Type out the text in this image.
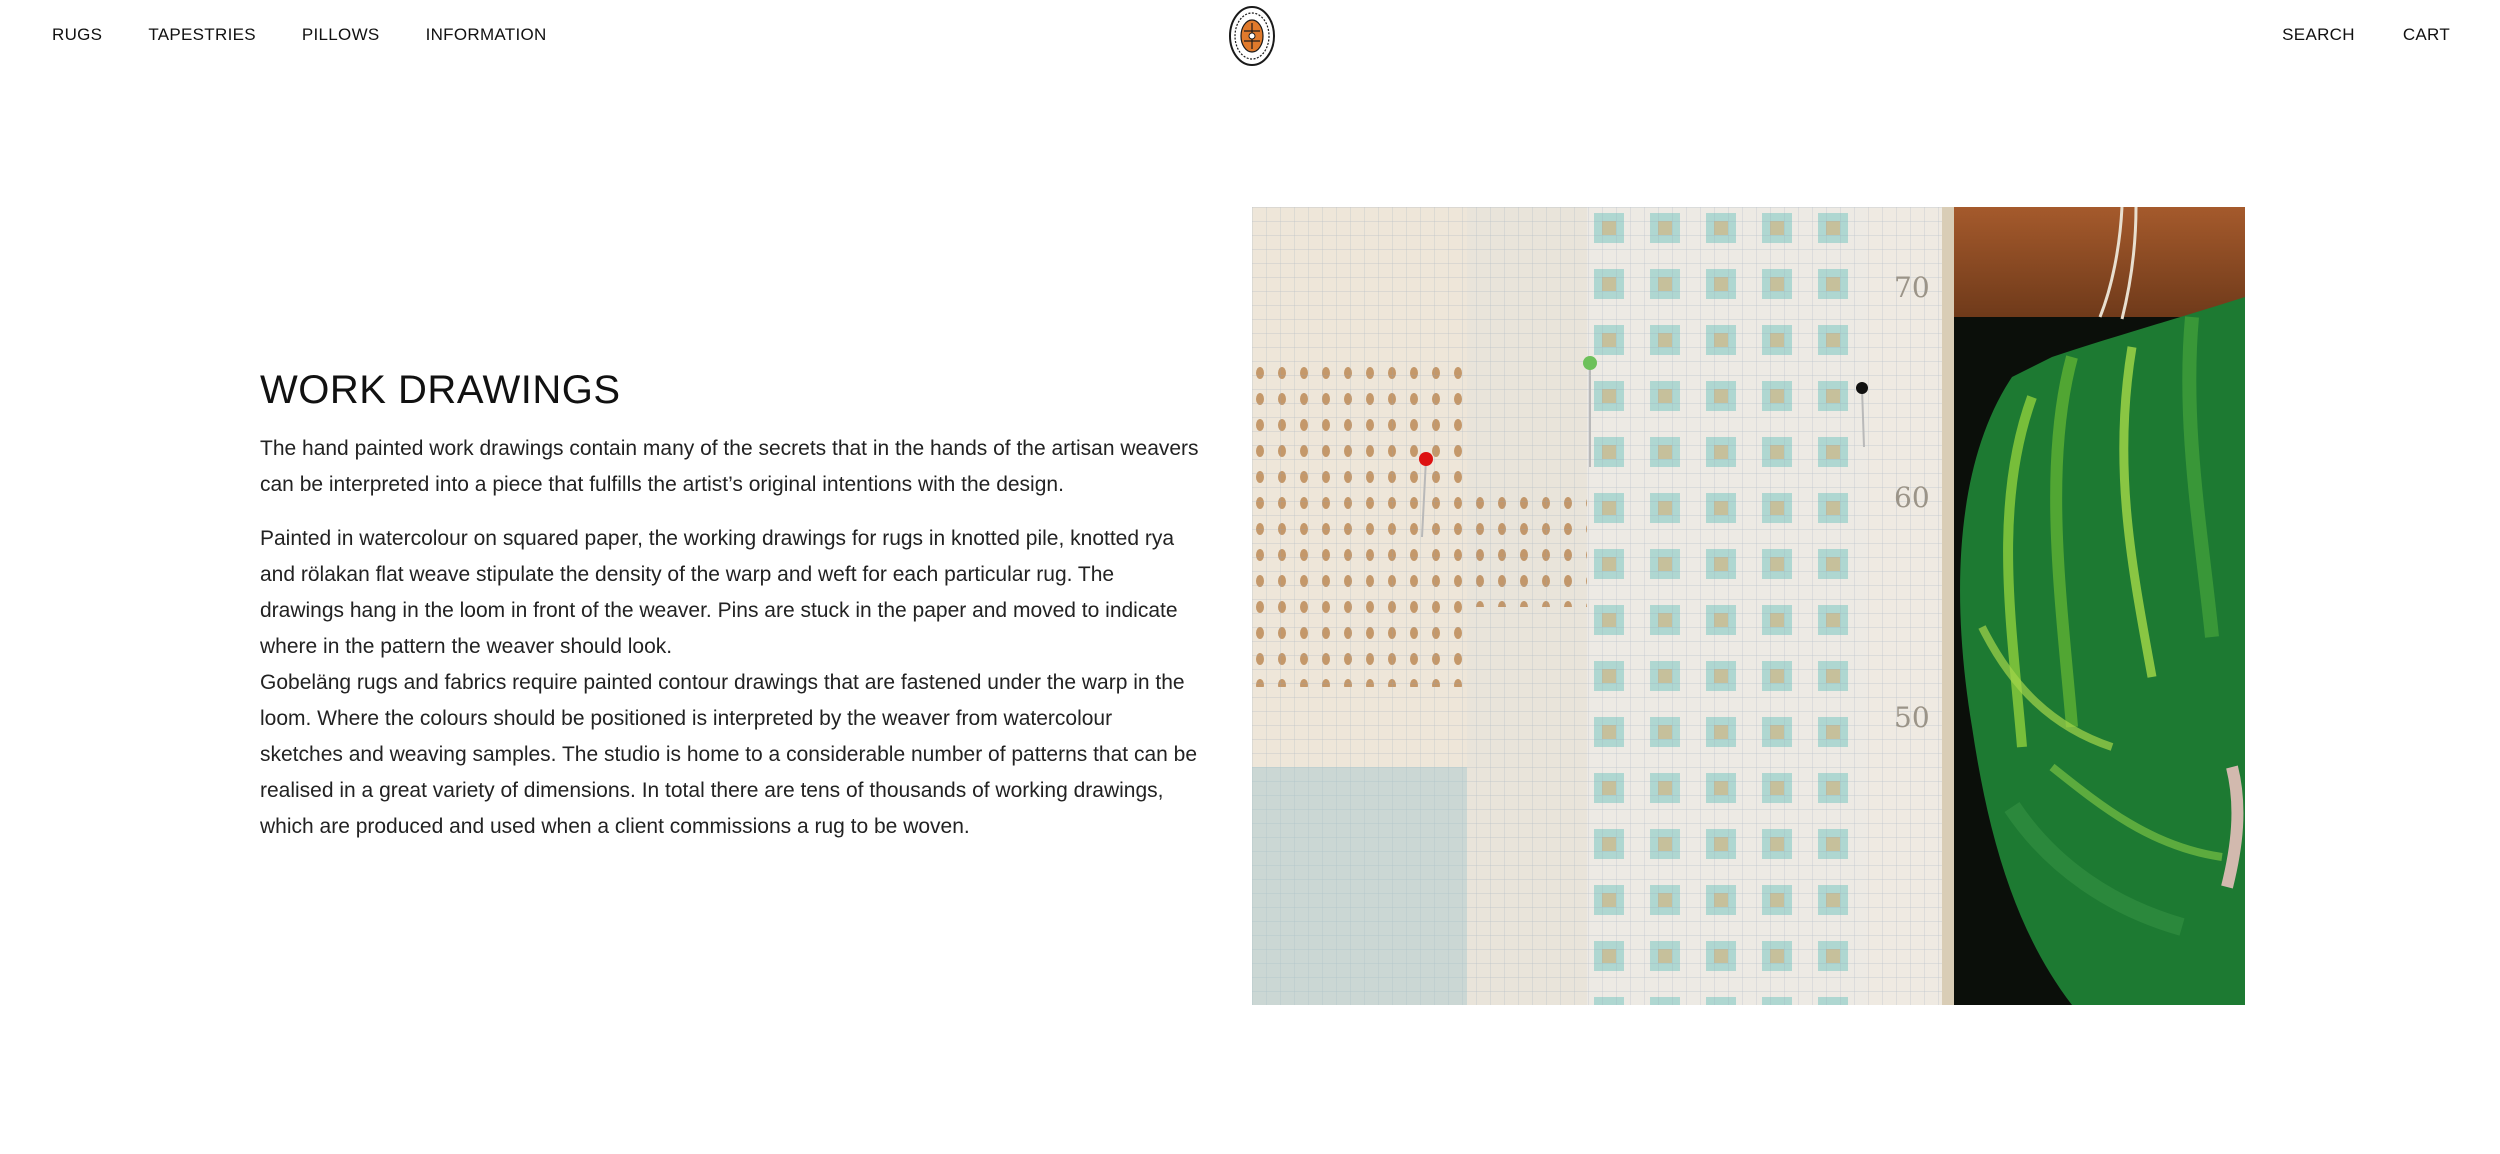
RUGS	TAPESTRIES	PILLOWS	INFORMATION	SEARCH	CART
WORK DRAWINGS

The hand painted work drawings contain many of the secrets that in the hands of the artisan weavers can be interpreted into a piece that fulfills the artist’s original intentions with the design.

Painted in watercolour on squared paper, the working drawings for rugs in knotted pile, knotted rya and rölakan flat weave stipulate the density of the warp and weft for each particular rug. The drawings hang in the loom in front of the weaver. Pins are stuck in the paper and moved to indicate where in the pattern the weaver should look.

Gobeläng rugs and fabrics require painted contour drawings that are fastened under the warp in the loom. Where the colours should be positioned is interpreted by the weaver from watercolour sketches and weaving samples. The studio is home to a considerable number of patterns that can be realised in a great variety of dimensions. In total there are tens of thousands of working drawings, which are produced and used when a client commissions a rug to be woven.

70
60
50
